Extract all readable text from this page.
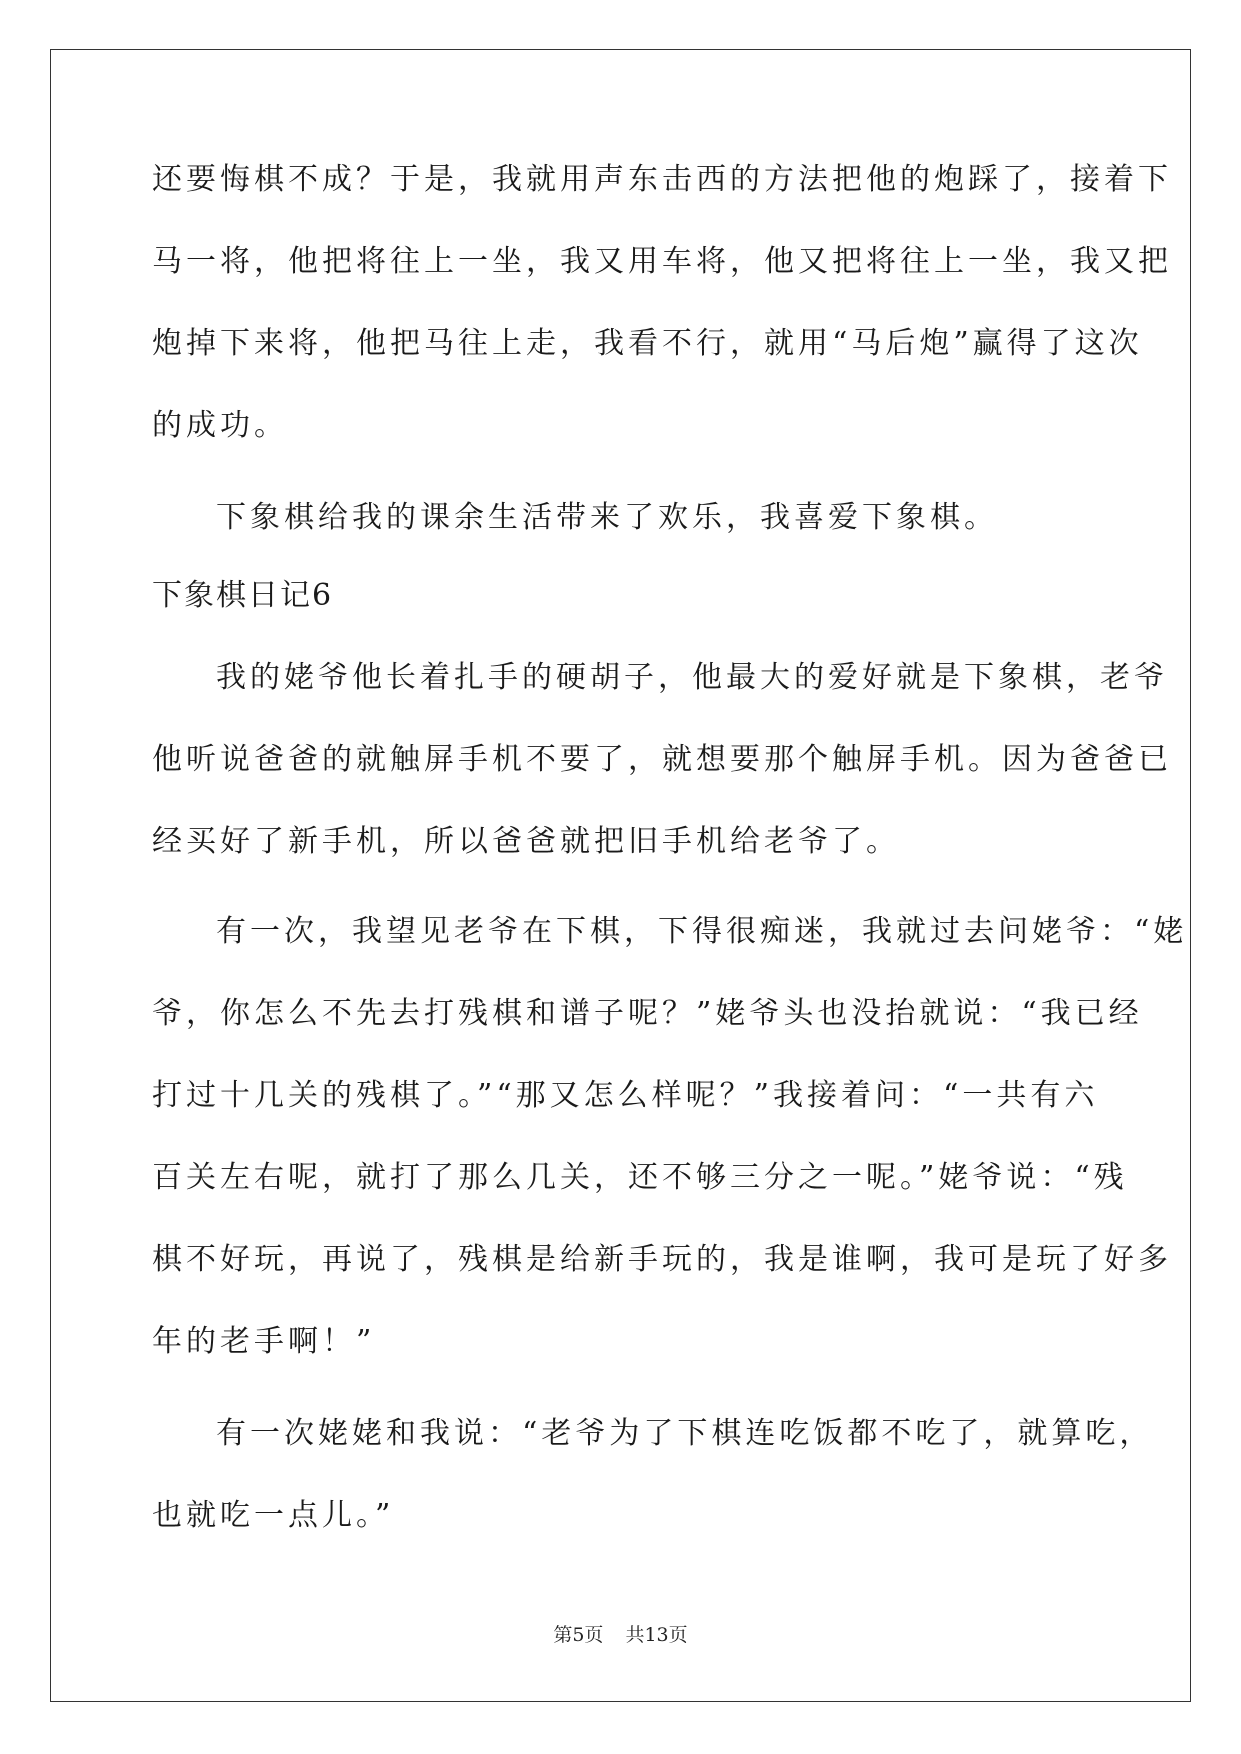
还要悔棋不成？于是，我就用声东击西的方法把他的炮踩了，接着下
马一将，他把将往上一坐，我又用车将，他又把将往上一坐，我又把
炮掉下来将，他把马往上走，我看不行，就用“马后炮”赢得了这次
的成功。
下象棋给我的课余生活带来了欢乐，我喜爱下象棋。
下象棋日记6
我的姥爷他长着扎手的硬胡子，他最大的爱好就是下象棋，老爷
他听说爸爸的就触屏手机不要了，就想要那个触屏手机。因为爸爸已
经买好了新手机，所以爸爸就把旧手机给老爷了。
有一次，我望见老爷在下棋，下得很痴迷，我就过去问姥爷：“姥
爷，你怎么不先去打残棋和谱子呢？”姥爷头也没抬就说：“我已经
打过十几关的残棋了。”“那又怎么样呢？”我接着问：“一共有六
百关左右呢，就打了那么几关，还不够三分之一呢。”姥爷说：“残
棋不好玩，再说了，残棋是给新手玩的，我是谁啊，我可是玩了好多
年的老手啊！”
有一次姥姥和我说：“老爷为了下棋连吃饭都不吃了，就算吃，
也就吃一点儿。”
第5页 共13页
